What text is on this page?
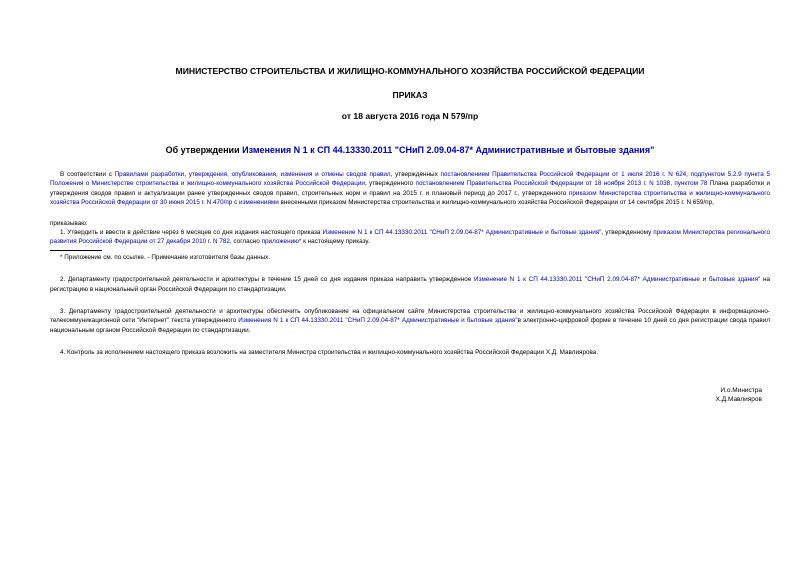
МИНИСТЕРСТВО СТРОИТЕЛЬСТВА И ЖИЛИЩНО-КОММУНАЛЬНОГО ХОЗЯЙСТВА РОССИЙСКОЙ ФЕДЕРАЦИИ
ПРИКАЗ
от 18 августа 2016 года N 579/пр
Об утверждении Изменения N 1 к СП 44.13330.2011 "СНиП 2.09.04-87* Административные и бытовые здания"

В соответствии с Правилами разработки, утверждения, опубликования, изменения и отмены сводов правил, утвержденных постановлением Правительства Российской Федерации от 1 июля 2016 г. N 624, подпунктом 5.2.9 пункта 5 Положения о Министерстве строительства и жилищно-коммунального хозяйства Российской Федерации, утвержденного постановлением Правительства Российской Федерации от 18 ноября 2013 г. N 1038, пунктом 78 Плана разработки и утверждения сводов правил и актуализации ранее утвержденных сводов правил, строительных норм и правил на 2015 г. и плановый период до 2017 г., утвержденного приказом Министерства строительства и жилищно-коммунального хозяйства Российской Федерации от 30 июня 2015 г. N 470/пр с изменениями внесенными приказом Министерства строительства и жилищно-коммунального хозяйства Российской Федерации от 14 сентября 2015 г. N 659/пр,

приказываю:

1. Утвердить и ввести в действие через 6 месяцев со дня издания настоящего приказа Изменение N 1 к СП 44.13330.2011 "СНиП 2.09.04-87* Административные и бытовые здания", утвержденному приказом Министерства регионального развития Российской Федерации от 27 декабря 2010 г. N 782, согласно приложению* к настоящему приказу.

* Приложение см. по ссылке. - Примечание изготовителя базы данных.

2. Департаменту градостроительной деятельности и архитектуры в течение 15 дней со дня издания приказа направить утвержденное Изменение N 1 к СП 44.13330.2011 "СНиП 2.09.04-87* Административные и бытовые здания" на регистрацию в национальный орган Российской Федерации по стандартизации.

3. Департаменту градостроительной деятельности и архитектуры обеспечить опубликование на официальном сайте Министерства строительства и жилищно-коммунального хозяйства Российской Федерации в информационно-телекоммуникационной сети "Интернет" текста утвержденного Изменения N 1 к СП 44.13330.2011 "СНиП 2.09.04-87* Административные и бытовые здания"в электронно-цифровой форме в течение 10 дней со дня регистрации свода правил национальным органом Российской Федерации по стандартизации.

4. Контроль за исполнением настоящего приказа возложить на заместителя Министра строительства и жилищно-коммунального хозяйства Российской Федерации Х.Д. Мавлиярова.

И.о.Министра
Х.Д.Мавлияров
